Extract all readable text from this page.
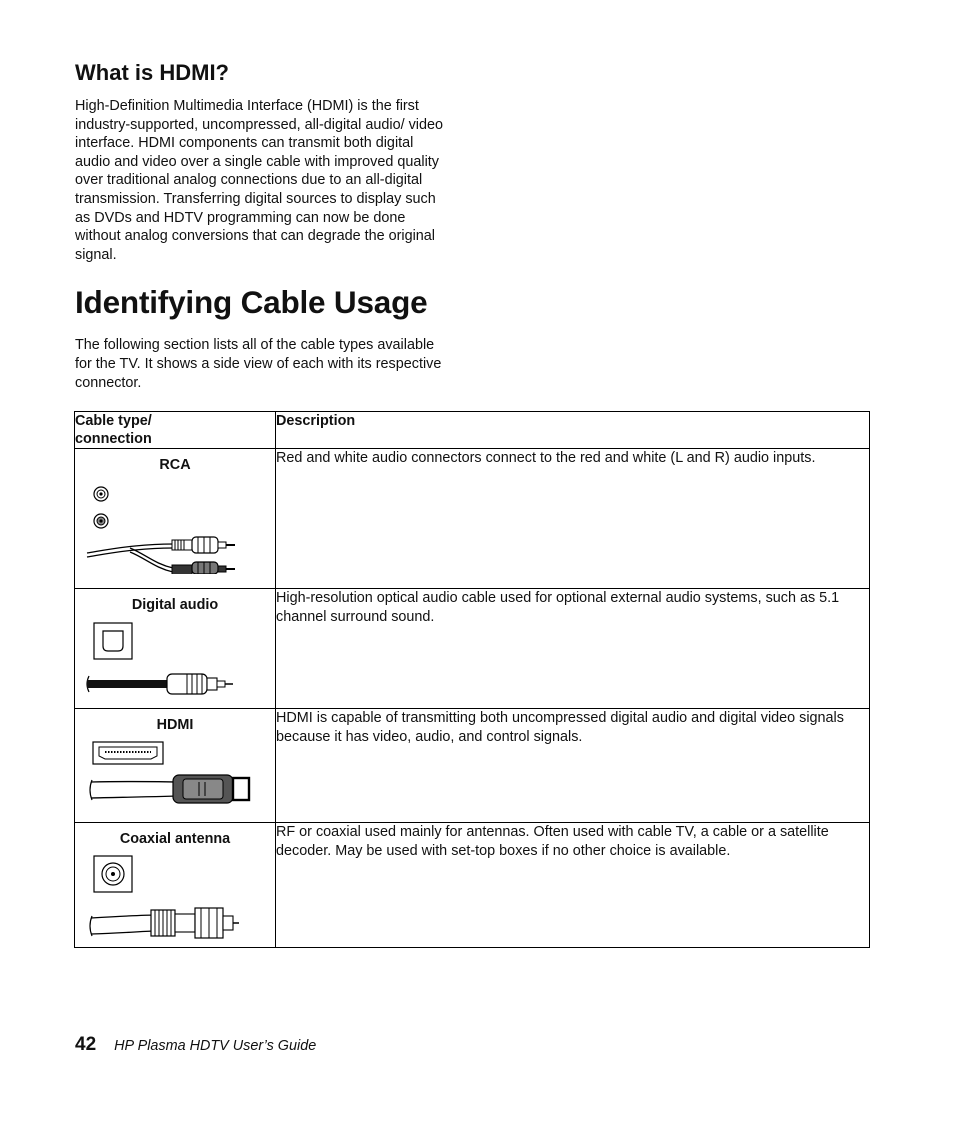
What is HDMI?

High-Definition Multimedia Interface (HDMI) is the first industry-supported, uncompressed, all-digital audio/ video interface. HDMI components can transmit both digital audio and video over a single cable with improved quality over traditional analog connections due to an all-digital transmission. Transferring digital sources to display such as DVDs and HDTV programming can now be done without analog conversions that can degrade the original signal.

Identifying Cable Usage

The following section lists all of the cable types available for the TV. It shows a side view of each with its respective connector.

Cable type/
connection	Description

RCA	Red and white audio connectors connect to the red and white (L and R) audio inputs.

Digital audio	High-resolution optical audio cable used for optional external audio systems, such as 5.1 channel surround sound.

HDMI	HDMI is capable of transmitting both uncompressed digital audio and digital video signals because it has video, audio, and control signals.

Coaxial antenna	RF or coaxial used mainly for antennas. Often used with cable TV, a cable or a satellite decoder. May be used with set-top boxes if no other choice is available.
42 HP Plasma HDTV User’s Guide
